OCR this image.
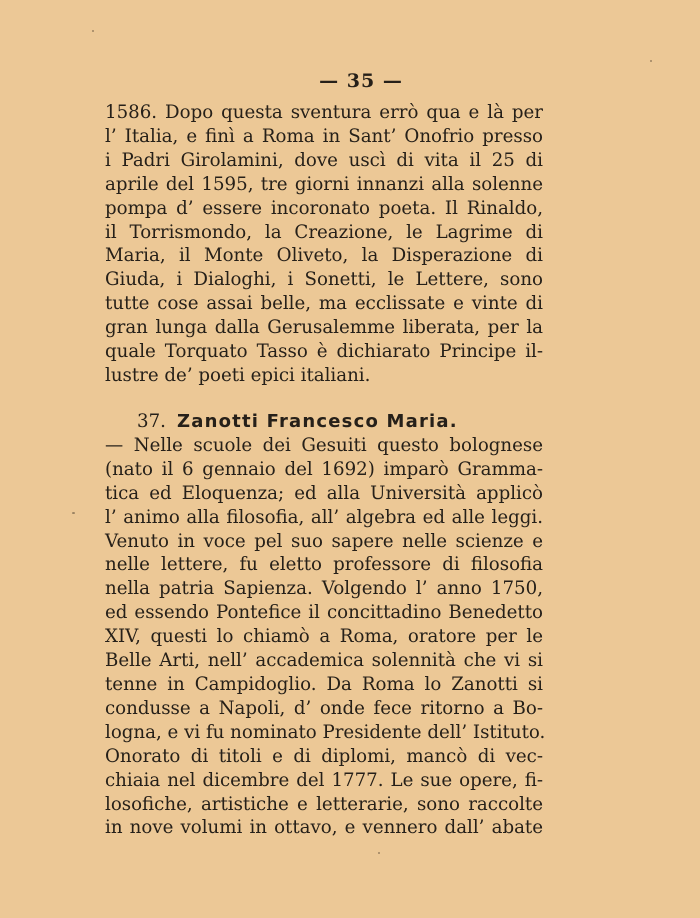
— 35 —
1586. Dopo questa sventura errò qua e là per
l’ Italia, e finì a Roma in Sant’ Onofrio presso
i Padri Girolamini, dove uscì di vita il 25 di
aprile del 1595, tre giorni innanzi alla solenne
pompa d’ essere incoronato poeta. Il Rinaldo,
il Torrismondo, la Creazione, le Lagrime di
Maria, il Monte Oliveto, la Disperazione di
Giuda, i Dialoghi, i Sonetti, le Lettere, sono
tutte cose assai belle, ma ecclissate e vinte di
gran lunga dalla Gerusalemme liberata, per la
quale Torquato Tasso è dichiarato Principe il-
lustre de’ poeti epici italiani.
37. Zanotti Francesco Maria.
— Nelle scuole dei Gesuiti questo bolognese
(nato il 6 gennaio del 1692) imparò Gramma-
tica ed Eloquenza; ed alla Università applicò
l’ animo alla filosofia, all’ algebra ed alle leggi.
Venuto in voce pel suo sapere nelle scienze e
nelle lettere, fu eletto professore di filosofia
nella patria Sapienza. Volgendo l’ anno 1750,
ed essendo Pontefice il concittadino Benedetto
XIV, questi lo chiamò a Roma, oratore per le
Belle Arti, nell’ accademica solennità che vi si
tenne in Campidoglio. Da Roma lo Zanotti si
condusse a Napoli, d’ onde fece ritorno a Bo-
logna, e vi fu nominato Presidente dell’ Istituto.
Onorato di titoli e di diplomi, mancò di vec-
chiaia nel dicembre del 1777. Le sue opere, fi-
losofiche, artistiche e letterarie, sono raccolte
in nove volumi in ottavo, e vennero dall’ abate
